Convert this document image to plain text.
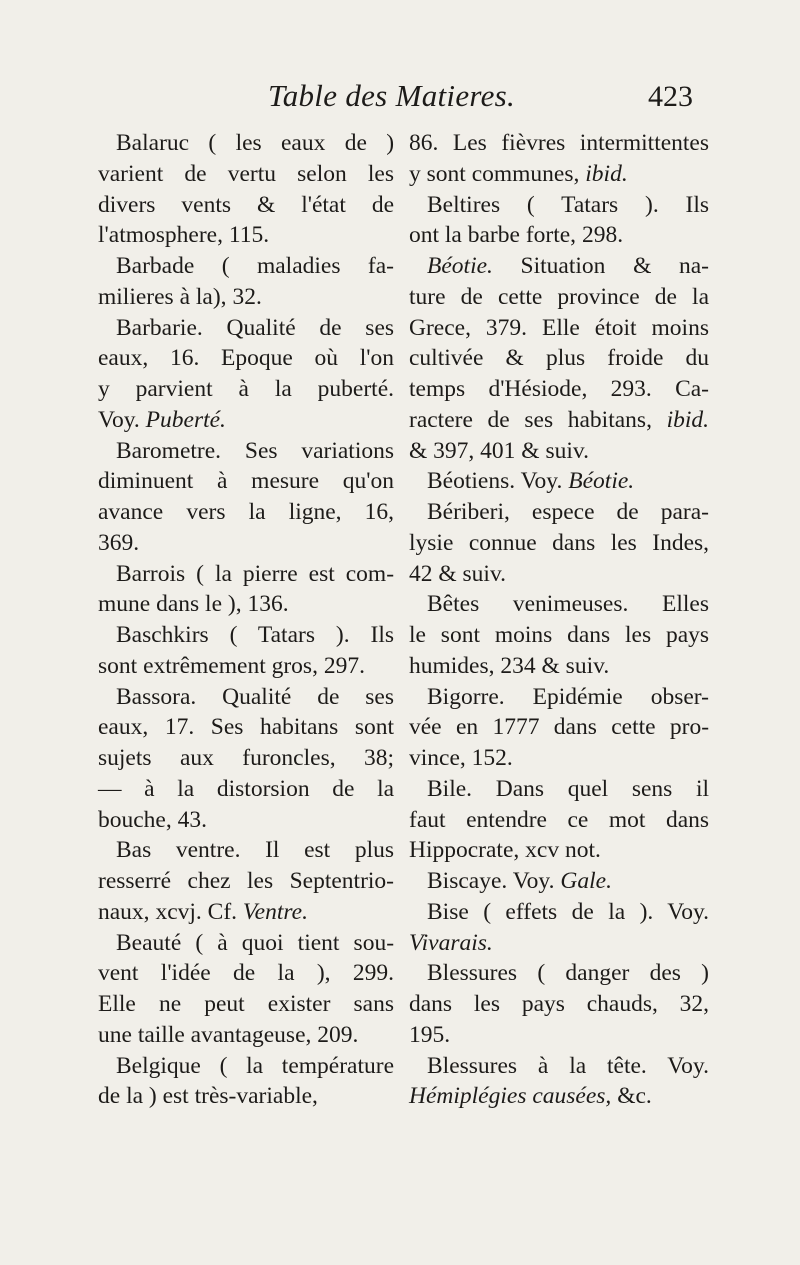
Table des Matieres.	423
Balaruc ( les eaux de )
varient de vertu selon les
divers vents & l'état de
l'atmosphere, 115.
Barbade ( maladies fa-
milieres à la), 32.
Barbarie. Qualité de ses
eaux, 16. Epoque où l'on
y parvient à la puberté.
Voy. Puberté.
Barometre. Ses variations
diminuent à mesure qu'on
avance vers la ligne, 16,
369.
Barrois ( la pierre est com-
mune dans le ), 136.
Baschkirs ( Tatars ). Ils
sont extrêmement gros, 297.
Bassora. Qualité de ses
eaux, 17. Ses habitans sont
sujets aux furoncles, 38;
— à la distorsion de la
bouche, 43.
Bas ventre. Il est plus
resserré chez les Septentrio-
naux, xcvj. Cf. Ventre.
Beauté ( à quoi tient sou-
vent l'idée de la ), 299.
Elle ne peut exister sans
une taille avantageuse, 209.
Belgique ( la température
de la ) est très-variable,
86. Les fièvres intermittentes
y sont communes, ibid.
Beltires ( Tatars ). Ils
ont la barbe forte, 298.
Béotie. Situation & na-
ture de cette province de la
Grece, 379. Elle étoit moins
cultivée & plus froide du
temps d'Hésiode, 293. Ca-
ractere de ses habitans, ibid.
& 397, 401 & suiv.
Béotiens. Voy. Béotie.
Bériberi, espece de para-
lysie connue dans les Indes,
42 & suiv.
Bêtes venimeuses. Elles
le sont moins dans les pays
humides, 234 & suiv.
Bigorre. Epidémie obser-
vée en 1777 dans cette pro-
vince, 152.
Bile. Dans quel sens il
faut entendre ce mot dans
Hippocrate, xcv not.
Biscaye. Voy. Gale.
Bise ( effets de la ). Voy.
Vivarais.
Blessures ( danger des )
dans les pays chauds, 32,
195.
Blessures à la tête. Voy.
Hémiplégies causées, &c.
